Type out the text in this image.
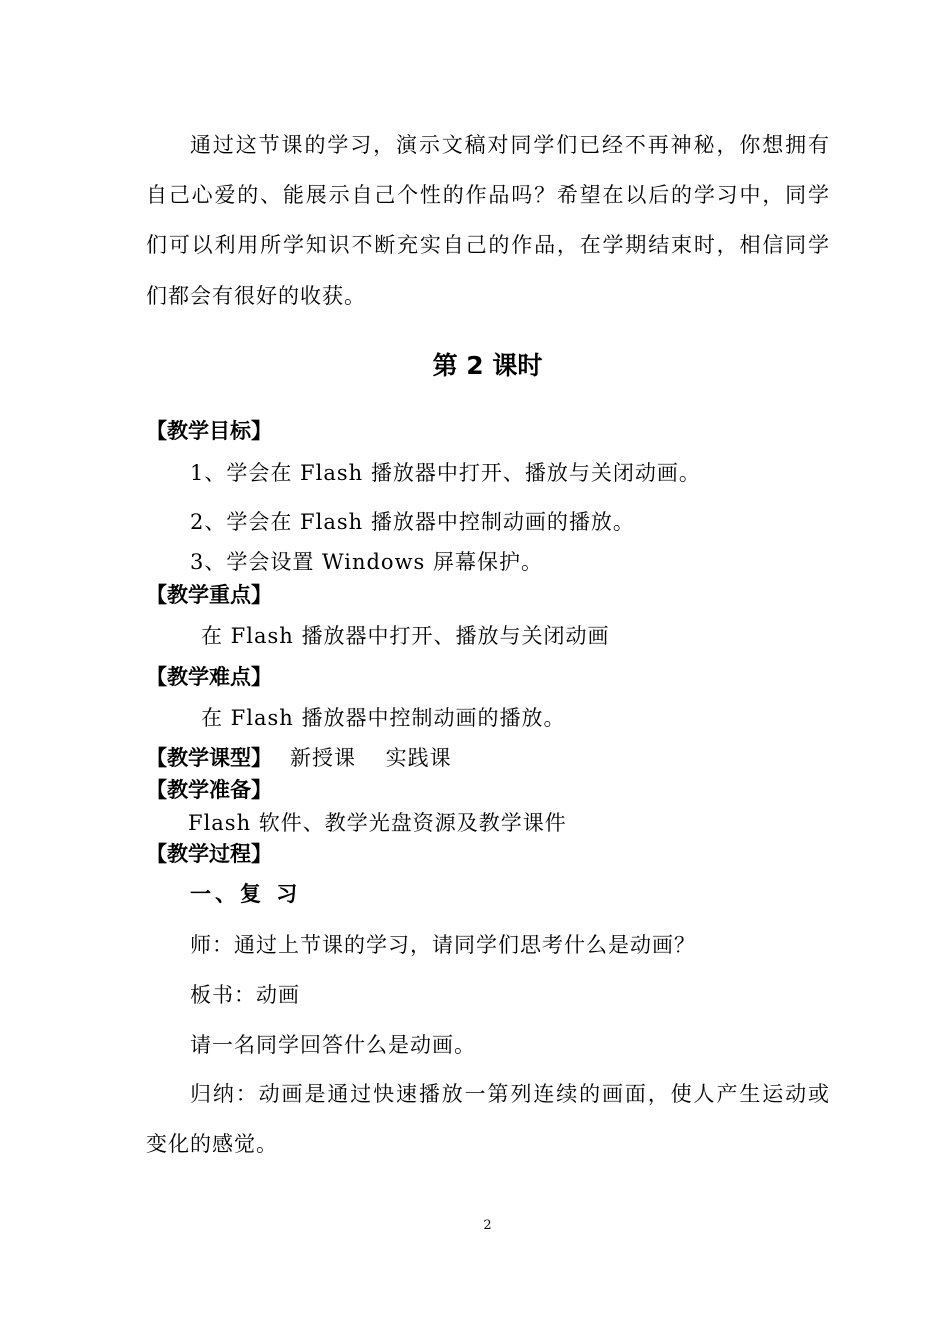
通过这节课的学习，演示文稿对同学们已经不再神秘，你想拥有
自己心爱的、能展示自己个性的作品吗？希望在以后的学习中，同学
们可以利用所学知识不断充实自己的作品，在学期结束时，相信同学
们都会有很好的收获。
第 2 课时
【教学目标】
1、学会在 Flash 播放器中打开、播放与关闭动画。
2、学会在 Flash 播放器中控制动画的播放。
3、学会设置 Windows 屏幕保护。
【教学重点】
在 Flash 播放器中打开、播放与关闭动画
【教学难点】
在 Flash 播放器中控制动画的播放。
【教学课型】 新授课　 实践课
【教学准备】
Flash 软件、教学光盘资源及教学课件
【教学过程】
一、复 习
师：通过上节课的学习，请同学们思考什么是动画？
板书：动画
请一名同学回答什么是动画。
归纳：动画是通过快速播放一第列连续的画面，使人产生运动或
变化的感觉。
2
